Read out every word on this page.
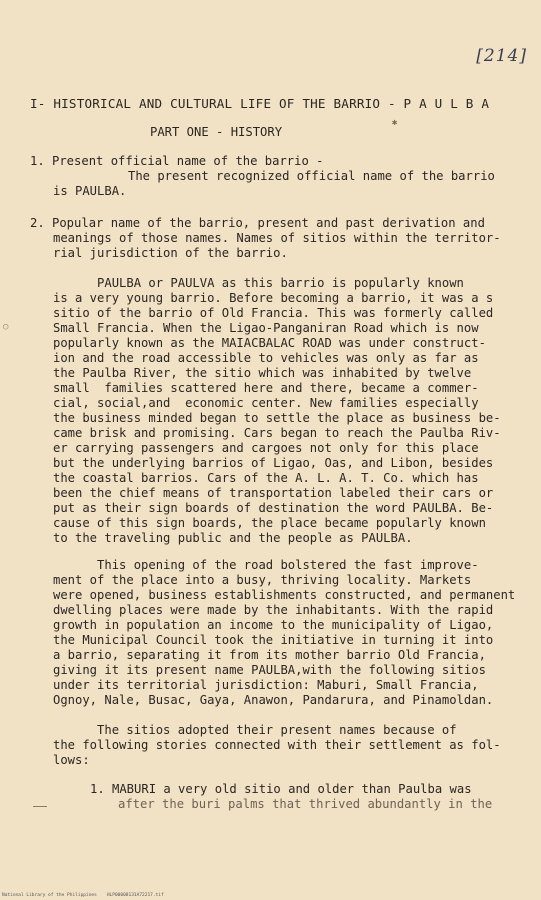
[214]
I- HISTORICAL AND CULTURAL LIFE OF THE BARRIO - P A U L B A
PART ONE - HISTORY
✱
1. Present official name of the barrio -
The present recognized official name of the barrio
is PAULBA.
2. Popular name of the barrio, present and past derivation and
meanings of those names. Names of sitios within the territor-
rial jurisdiction of the barrio.
○
PAULBA or PAULVA as this barrio is popularly known
is a very young barrio. Before becoming a barrio, it was a s
sitio of the barrio of Old Francia. This was formerly called
Small Francia. When the Ligao-Panganiran Road which is now
popularly known as the MAIACBALAC ROAD was under construct-
ion and the road accessible to vehicles was only as far as
the Paulba River, the sitio which was inhabited by twelve
small  families scattered here and there, became a commer-
cial, social,and  economic center. New families especially
the business minded began to settle the place as business be-
came brisk and promising. Cars began to reach the Paulba Riv-
er carrying passengers and cargoes not only for this place
but the underlying barrios of Ligao, Oas, and Libon, besides
the coastal barrios. Cars of the A. L. A. T. Co. which has
been the chief means of transportation labeled their cars or
put as their sign boards of destination the word PAULBA. Be-
cause of this sign boards, the place became popularly known
to the traveling public and the people as PAULBA.
This opening of the road bolstered the fast improve-
ment of the place into a busy, thriving locality. Markets
were opened, business establishments constructed, and permanent
dwelling places were made by the inhabitants. With the rapid
growth in population an income to the municipality of Ligao,
the Municipal Council took the initiative in turning it into
a barrio, separating it from its mother barrio Old Francia,
giving it its present name PAULBA,with the following sitios
under its territorial jurisdiction: Maburi, Small Francia,
Ognoy, Nale, Busac, Gaya, Anawon, Pandarura, and Pinamoldan.
The sitios adopted their present names because of
the following stories connected with their settlement as fol-
lows:
1. MABURI a very old sitio and older than Paulba was
after the buri palms that thrived abundantly in the
National Library of the Philippines HLP00008131A72217.tif
